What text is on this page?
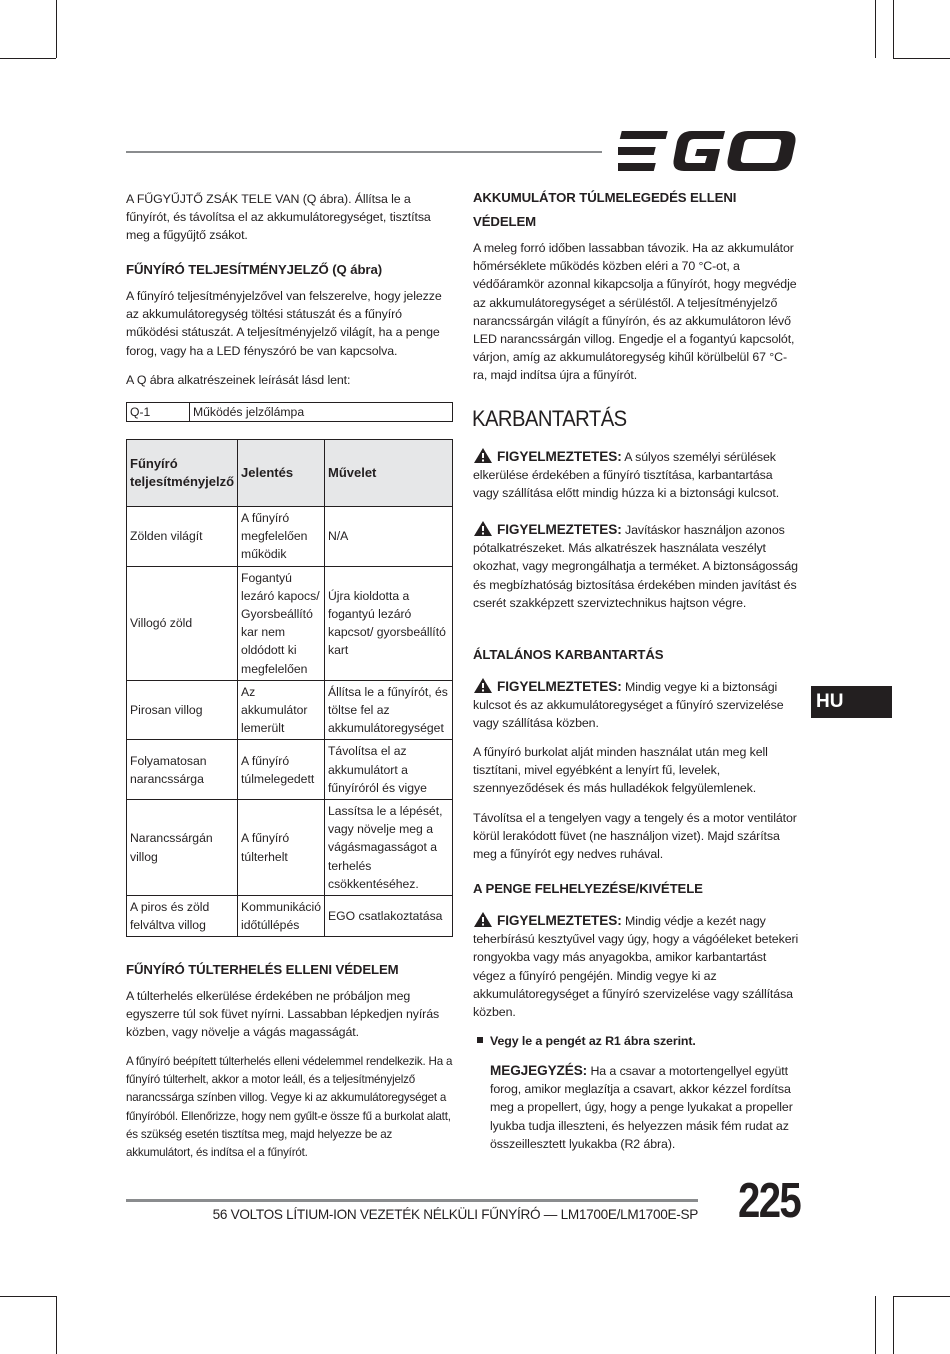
EGO

A FŰGYŰJTŐ ZSÁK TELE VAN (Q ábra). Állítsa le a fűnyírót, és távolítsa el az akkumulátoregységet, tisztítsa meg a fűgyűjtő zsákot.

FŰNYÍRÓ TELJESÍTMÉNYJELZŐ (Q ábra)

A fűnyíró teljesítményjelzővel van felszerelve, hogy jelezze az akkumulátoregység töltési státuszát és a fűnyíró működési státuszát. A teljesítményjelző világít, ha a penge forog, vagy ha a LED fényszóró be van kapcsolva.

A Q ábra alkatrészeinek leírását lásd lent:

Q-1	Működés jelzőlámpa
Fűnyíró teljesítményjelző	Jelentés	Művelet
Zölden világít	A fűnyíró megfelelően működik	N/A
Villogó zöld	Fogantyú lezáró kapocs/ Gyorsbeállító kar nem oldódott ki megfelelően	Újra kioldotta a fogantyú lezáró kapcsot/ gyorsbeállító kart
Pirosan villog	Az akkumulátor lemerült	Állítsa le a fűnyírót, és töltse fel az akkumulátoregységet
Folyamatosan narancssárga	A fűnyíró túlmelegedett	Távolítsa el az akkumulátort a fűnyíróról és vigye
Narancssárgán villog	A fűnyíró túlterhelt	Lassítsa le a lépését, vagy növelje meg a vágásmagasságot a terhelés csökkentéséhez.
A piros és zöld felváltva villog	Kommunikáció időtúllépés	EGO csatlakoztatása
FŰNYÍRÓ TÚLTERHELÉS ELLENI VÉDELEM

A túlterhelés elkerülése érdekében ne próbáljon meg egyszerre túl sok füvet nyírni. Lassabban lépkedjen nyírás közben, vagy növelje a vágás magasságát.

A fűnyíró beépített túlterhelés elleni védelemmel rendelkezik. Ha a fűnyíró túlterhelt, akkor a motor leáll, és a teljesítményjelző narancssárga színben villog. Vegye ki az akkumulátoregységet a fűnyíróból. Ellenőrizze, hogy nem gyűlt-e össze fű a burkolat alatt, és szükség esetén tisztítsa meg, majd helyezze be az akkumulátort, és indítsa el a fűnyírót.

AKKUMULÁTOR TÚLMELEGEDÉS ELLENI
VÉDELEM

A meleg forró időben lassabban távozik. Ha az akkumulátor hőmérséklete működés közben eléri a 70 °C-ot, a védőáramkör azonnal kikapcsolja a fűnyírót, hogy megvédje az akkumulátoregységet a sérüléstől. A teljesítményjelző narancssárgán világít a fűnyírón, és az akkumulátoron lévő LED narancssárgán villog. Engedje el a fogantyú kapcsolót, várjon, amíg az akkumulátoregység kihűl körülbelül 67 °C-ra, majd indítsa újra a fűnyírót.

KARBANTARTÁS

FIGYELMEZTETES: A súlyos személyi sérülések elkerülése érdekében a fűnyíró tisztítása, karbantartása vagy szállítása előtt mindig húzza ki a biztonsági kulcsot.

FIGYELMEZTETES: Javításkor használjon azonos pótalkatrészeket. Más alkatrészek használata veszélyt okozhat, vagy megrongálhatja a terméket. A biztonságosság és megbízhatóság biztosítása érdekében minden javítást és cserét szakképzett szerviztechnikus hajtson végre.

ÁLTALÁNOS KARBANTARTÁS

FIGYELMEZTETES: Mindig vegye ki a biztonsági kulcsot és az akkumulátoregységet a fűnyíró szervizelése vagy szállítása közben.

A fűnyíró burkolat alját minden használat után meg kell tisztítani, mivel egyébként a lenyírt fű, levelek, szennyeződések és más hulladékok felgyülemlenek.

Távolítsa el a tengelyen vagy a tengely és a motor ventilátor körül lerakódott füvet (ne használjon vizet). Majd szárítsa meg a fűnyírót egy nedves ruhával.

A PENGE FELHELYEZÉSE/KIVÉTELE

FIGYELMEZTETES: Mindig védje a kezét nagy teherbírású kesztyűvel vagy úgy, hogy a vágóéleket betekeri rongyokba vagy más anyagokba, amikor karbantartást végez a fűnyíró pengéjén. Mindig vegye ki az akkumulátoregységet a fűnyíró szervizelése vagy szállítása közben.

Vegy le a pengét az R1 ábra szerint.

MEGJEGYZÉS: Ha a csavar a motortengellyel együtt forog, amikor meglazítja a csavart, akkor kézzel fordítsa meg a propellert, úgy, hogy a penge lyukakat a propeller lyukba tudja illeszteni, és helyezzen másik fém rudat az összeillesztett lyukakba (R2 ábra).

HU
56 VOLTOS LÍTIUM-ION VEZETÉK NÉLKÜLI FŰNYÍRÓ — LM1700E/LM1700E-SP 225
